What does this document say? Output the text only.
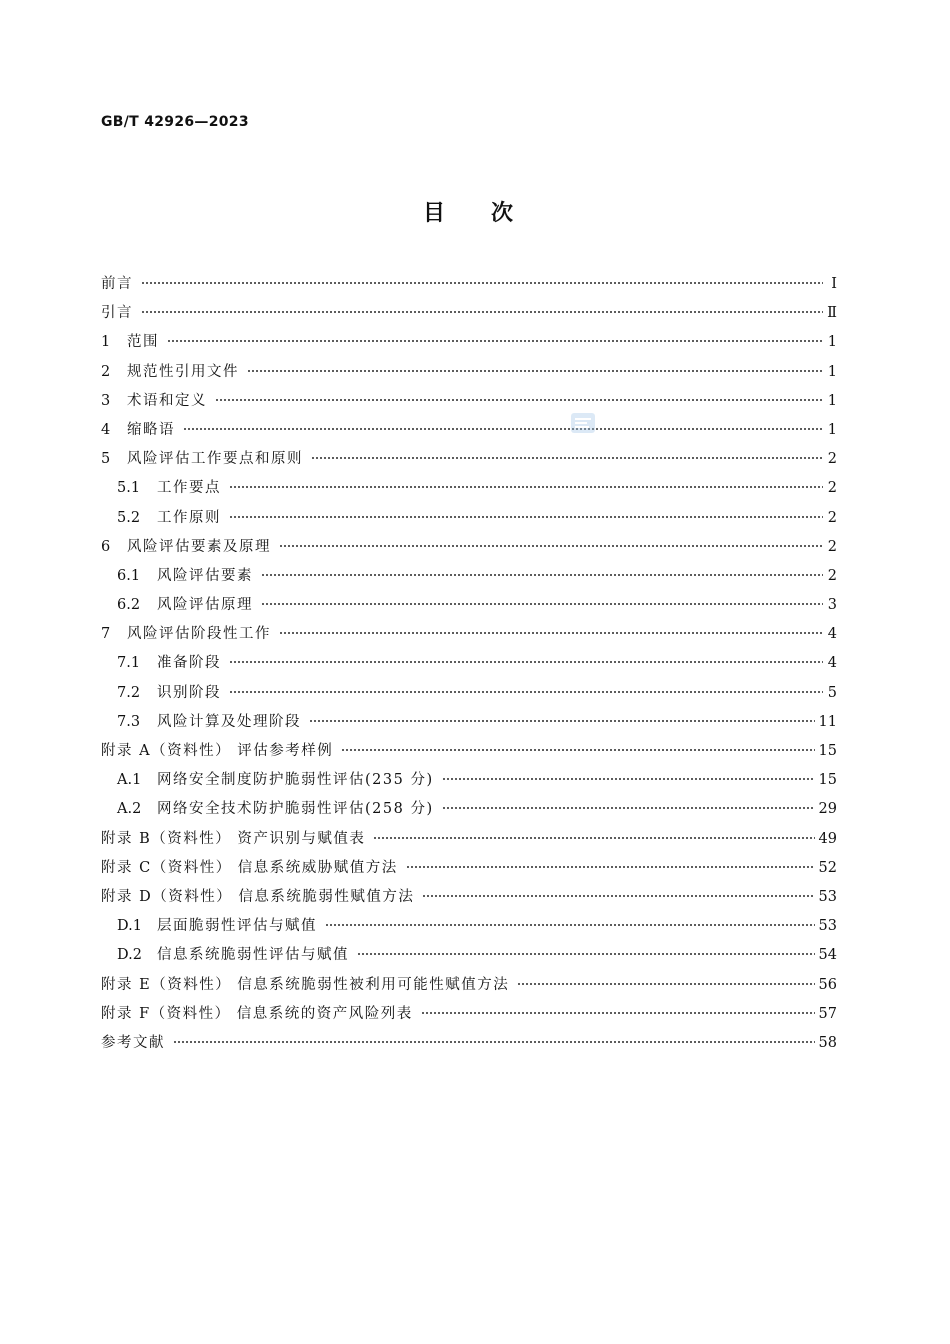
GB/T 42926—2023
目次
前言	Ⅰ
引言	Ⅱ
1	范围	1
2	规范性引用文件	1
3	术语和定义	1
4	缩略语	1
5	风险评估工作要点和原则	2
5.1	工作要点	2
5.2	工作原则	2
6	风险评估要素及原理	2
6.1	风险评估要素	2
6.2	风险评估原理	3
7	风险评估阶段性工作	4
7.1	准备阶段	4
7.2	识别阶段	5
7.3	风险计算及处理阶段	11
附录 A（资料性） 评估参考样例	15
A.1	网络安全制度防护脆弱性评估(235 分)	15
A.2	网络安全技术防护脆弱性评估(258 分)	29
附录 B（资料性） 资产识别与赋值表	49
附录 C（资料性） 信息系统威胁赋值方法	52
附录 D（资料性） 信息系统脆弱性赋值方法	53
D.1	层面脆弱性评估与赋值	53
D.2	信息系统脆弱性评估与赋值	54
附录 E（资料性） 信息系统脆弱性被利用可能性赋值方法	56
附录 F（资料性） 信息系统的资产风险列表	57
参考文献	58
